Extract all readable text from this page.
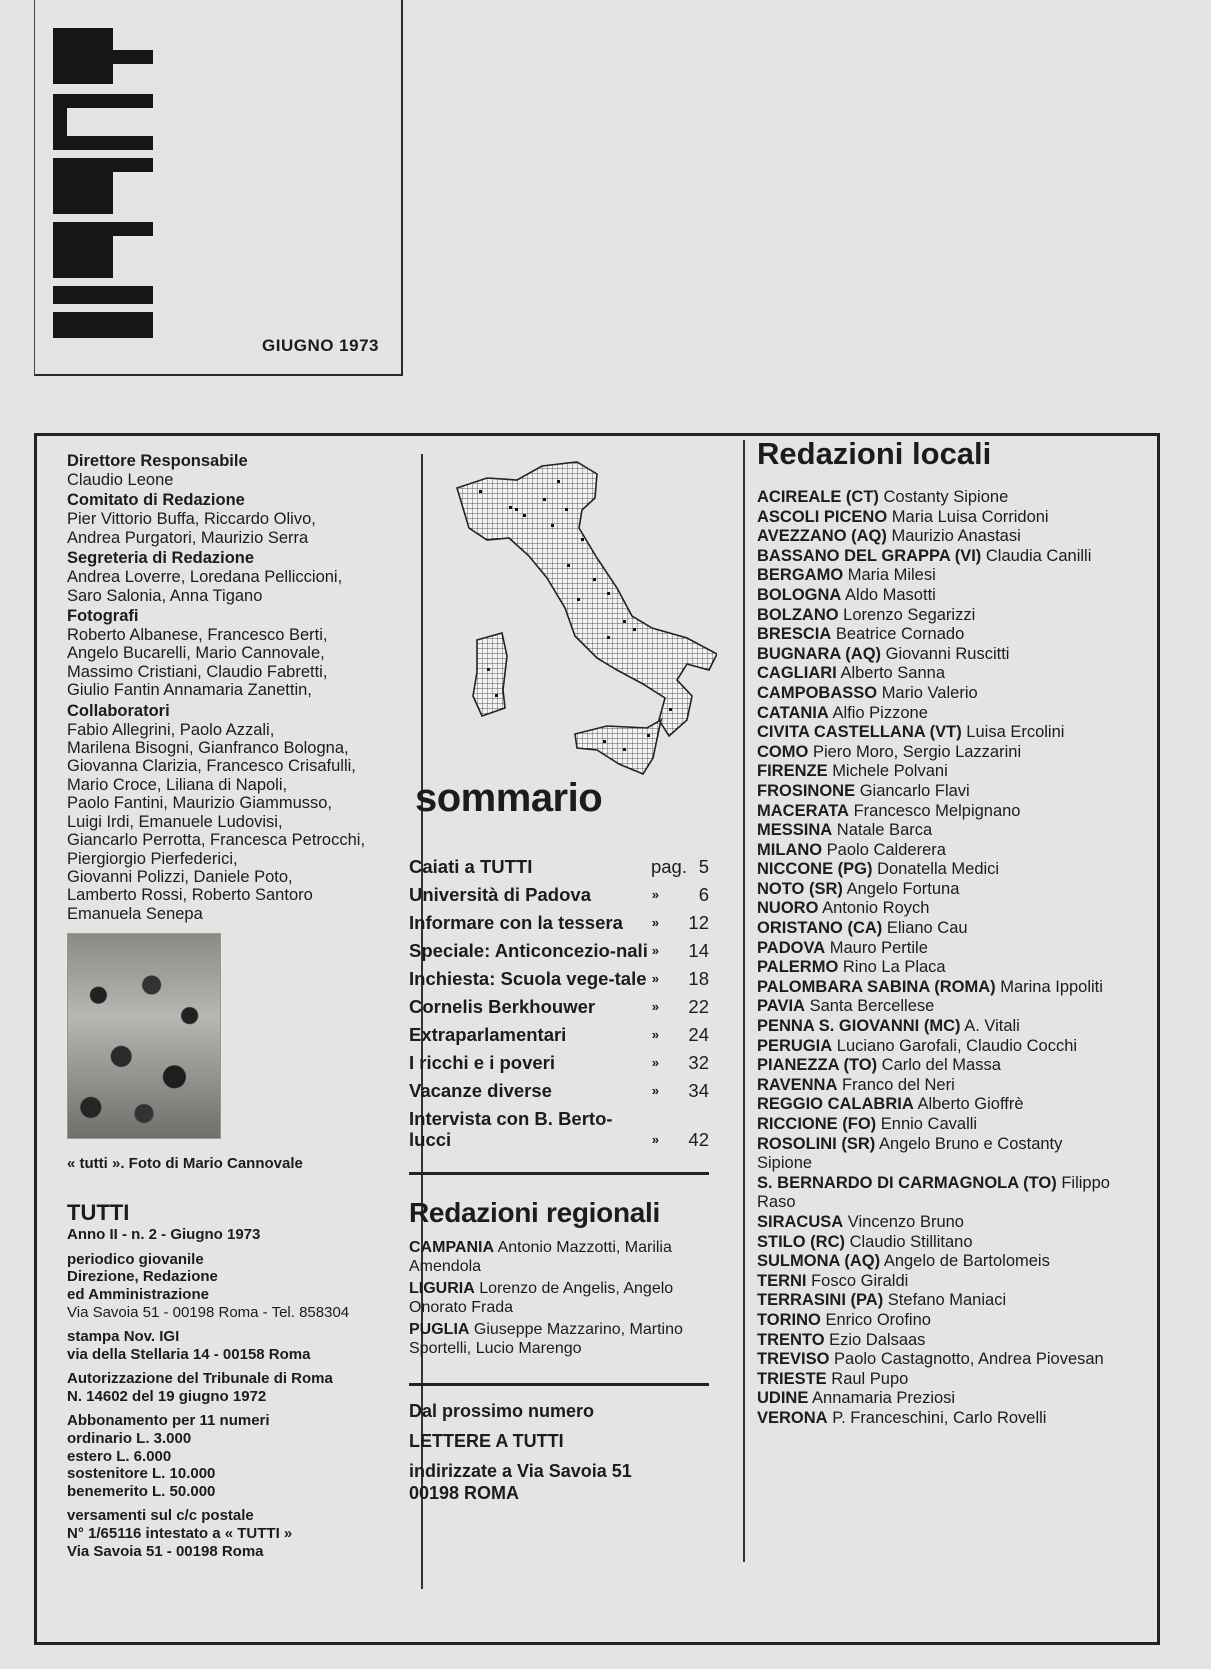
GIUGNO 1973
Direttore Responsabile
Claudio Leone
Comitato di Redazione
Pier Vittorio Buffa, Riccardo Olivo,
Andrea Purgatori, Maurizio Serra
Segreteria di Redazione
Andrea Loverre, Loredana Pelliccioni,
Saro Salonia, Anna Tigano
Fotografi
Roberto Albanese, Francesco Berti,
Angelo Bucarelli, Mario Cannovale,
Massimo Cristiani, Claudio Fabretti,
Giulio Fantin Annamaria Zanettin,
Collaboratori
Fabio Allegrini, Paolo Azzali,
Marilena Bisogni, Gianfranco Bologna,
Giovanna Clarizia, Francesco Crisafulli,
Mario Croce, Liliana di Napoli,
Paolo Fantini, Maurizio Giammusso,
Luigi Irdi, Emanuele Ludovisi,
Giancarlo Perrotta, Francesca Petrocchi,
Piergiorgio Pierfederici,
Giovanni Polizzi, Daniele Poto,
Lamberto Rossi, Roberto Santoro
Emanuela Senepa
« tutti ». Foto di Mario Cannovale
TUTTI
Anno II - n. 2 - Giugno 1973
periodico giovanile
Direzione, Redazione
ed Amministrazione
Via Savoia 51 - 00198 Roma - Tel. 858304
stampa Nov. IGI
via della Stellaria 14 - 00158 Roma
Autorizzazione del Tribunale di Roma
N. 14602 del 19 giugno 1972
Abbonamento per 11 numeri
ordinario L. 3.000
estero L. 6.000
sostenitore L. 10.000
benemerito L. 50.000
versamenti sul c/c postale
N° 1/65116 intestato a « TUTTI »
Via Savoia 51 - 00198 Roma
sommario
Caiati a TUTTI	pag. 5
Università di Padova	» 6
Informare con la tessera	» 12
Speciale: Anticoncezio-nali » 14
Inchiesta: Scuola vege-tale » 18
Cornelis Berkhouwer	» 22
Extraparlamentari	» 24
I ricchi e i poveri	» 32
Vacanze diverse	» 34
Intervista con B. Berto-lucci	» 42
Redazioni regionali
CAMPANIA Antonio Mazzotti, Marilia Amendola
LIGURIA Lorenzo de Angelis, Angelo Onorato Frada
PUGLIA Giuseppe Mazzarino, Martino Sportelli, Lucio Marengo
Dal prossimo numero
LETTERE A TUTTI
indirizzate a Via Savoia 51
00198 ROMA
Redazioni locali
ACIREALE (CT) Costanty Sipione
ASCOLI PICENO Maria Luisa Corridoni
AVEZZANO (AQ) Maurizio Anastasi
BASSANO DEL GRAPPA (VI) Claudia Canilli
BERGAMO Maria Milesi
BOLOGNA Aldo Masotti
BOLZANO Lorenzo Segarizzi
BRESCIA Beatrice Cornado
BUGNARA (AQ) Giovanni Ruscitti
CAGLIARI Alberto Sanna
CAMPOBASSO Mario Valerio
CATANIA Alfio Pizzone
CIVITA CASTELLANA (VT) Luisa Ercolini
COMO Piero Moro, Sergio Lazzarini
FIRENZE Michele Polvani
FROSINONE Giancarlo Flavi
MACERATA Francesco Melpignano
MESSINA Natale Barca
MILANO Paolo Calderera
NICCONE (PG) Donatella Medici
NOTO (SR) Angelo Fortuna
NUORO Antonio Roych
ORISTANO (CA) Eliano Cau
PADOVA Mauro Pertile
PALERMO Rino La Placa
PALOMBARA SABINA (ROMA) Marina Ippoliti
PAVIA Santa Bercellese
PENNA S. GIOVANNI (MC) A. Vitali
PERUGIA Luciano Garofali, Claudio Cocchi
PIANEZZA (TO) Carlo del Massa
RAVENNA Franco del Neri
REGGIO CALABRIA Alberto Gioffrè
RICCIONE (FO) Ennio Cavalli
ROSOLINI (SR) Angelo Bruno e Costanty Sipione
S. BERNARDO DI CARMAGNOLA (TO) Filippo Raso
SIRACUSA Vincenzo Bruno
STILO (RC) Claudio Stillitano
SULMONA (AQ) Angelo de Bartolomeis
TERNI Fosco Giraldi
TERRASINI (PA) Stefano Maniaci
TORINO Enrico Orofino
TRENTO Ezio Dalsaas
TREVISO Paolo Castagnotto, Andrea Piovesan
TRIESTE Raul Pupo
UDINE Annamaria Preziosi
VERONA P. Franceschini, Carlo Rovelli
